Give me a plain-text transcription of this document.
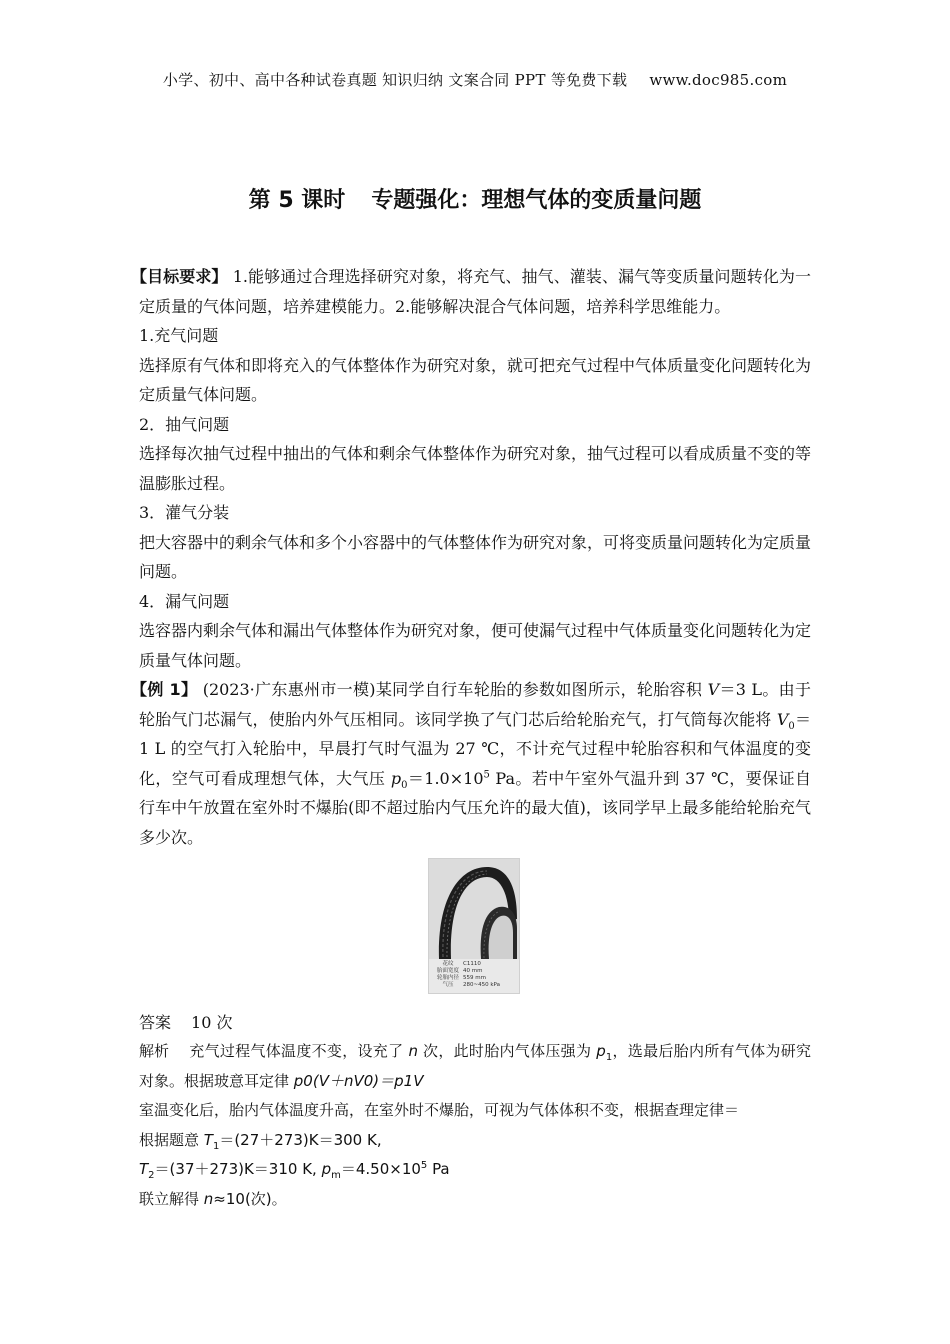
小学、初中、高中各种试卷真题 知识归纳 文案合同 PPT 等免费下载 www.doc985.com
第 5 课时 专题强化：理想气体的变质量问题

【目标要求】 1.能够通过合理选择研究对象，将充气、抽气、灌装、漏气等变质量问题转化为一定质量的气体问题，培养建模能力。2.能够解决混合气体问题，培养科学思维能力。

1.充气问题

选择原有气体和即将充入的气体整体作为研究对象，就可把充气过程中气体质量变化问题转化为定质量气体问题。

2．抽气问题

选择每次抽气过程中抽出的气体和剩余气体整体作为研究对象，抽气过程可以看成质量不变的等温膨胀过程。

3．灌气分装

把大容器中的剩余气体和多个小容器中的气体整体作为研究对象，可将变质量问题转化为定质量问题。

4．漏气问题

选容器内剩余气体和漏出气体整体作为研究对象，便可使漏气过程中气体质量变化问题转化为定质量气体问题。

【例 1】 (2023·广东惠州市一模)某同学自行车轮胎的参数如图所示，轮胎容积 V＝3 L。由于轮胎气门芯漏气，使胎内外气压相同。该同学换了气门芯后给轮胎充气，打气筒每次能将 $V_0=1$ L 的空气打入轮胎中，早晨打气时气温为 27 ℃，不计充气过程中轮胎容积和气体温度的变化，空气可看成理想气体，大气压 $p_0=1.0\times 10^5$ Pa。若中午室外气温升到 37 ℃，要保证自行车中午放置在室外时不爆胎(即不超过胎内气压允许的最大值)，该同学早上最多能给轮胎充气多少次。

花纹	C1110
胎面宽度 40 mm
轮胎内径 559 mm
气压	280~450 kPa

答案 10 次

解析 充气过程气体温度不变，设充了 n 次，此时胎内气体压强为 $p_1$，选最后胎内所有气体为研究对象。根据玻意耳定律 p0(V＋nV0)＝p1V

室温变化后，胎内气体温度升高，在室外时不爆胎，可视为气体体积不变，根据查理定律＝

根据题意 $T_1=(27+273)K=300$ K,

$T_2=(37+273)K=310$ K, $p_m=4.50\times 10^5$ Pa

联立解得 n≈10(次)。
